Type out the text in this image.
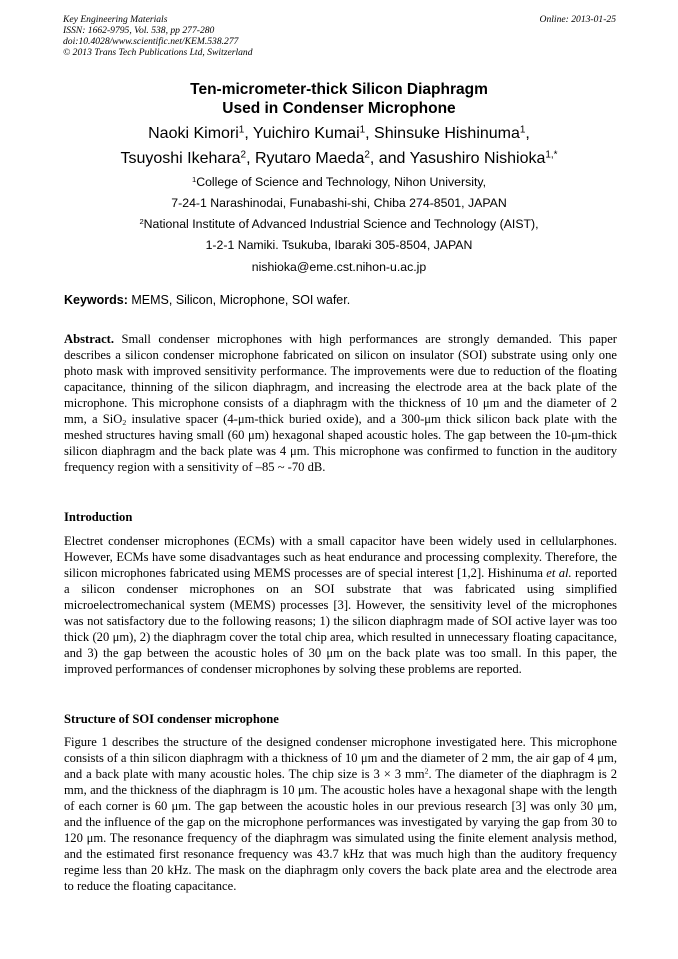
Key Engineering Materials
ISSN: 1662-9795, Vol. 538, pp 277-280
doi:10.4028/www.scientific.net/KEM.538.277
© 2013 Trans Tech Publications Ltd, Switzerland
Online: 2013-01-25
Ten-micrometer-thick Silicon Diaphragm
Used in Condenser Microphone
Naoki Kimori$^1$, Yuichiro Kumai$^1$, Shinsuke Hishinuma$^1$,
Tsuyoshi Ikehara$^2$, Ryutaro Maeda$^2$, and Yasushiro Nishioka$^{1,*}$
$^1$College of Science and Technology, Nihon University,
7-24-1 Narashinodai, Funabashi-shi, Chiba 274-8501, JAPAN
$^2$National Institute of Advanced Industrial Science and Technology (AIST),
1-2-1 Namiki. Tsukuba, Ibaraki 305-8504, JAPAN
nishioka@eme.cst.nihon-u.ac.jp
Keywords: MEMS, Silicon, Microphone, SOI wafer.
Abstract. Small condenser microphones with high performances are strongly demanded. This paper describes a silicon condenser microphone fabricated on silicon on insulator (SOI) substrate using only one photo mask with improved sensitivity performance. The improvements were due to reduction of the floating capacitance, thinning of the silicon diaphragm, and increasing the electrode area at the back plate of the microphone. This microphone consists of a diaphragm with the thickness of 10 μm and the diameter of 2 mm, a SiO$_2$ insulative spacer (4-μm-thick buried oxide), and a 300-μm thick silicon back plate with the meshed structures having small (60 μm) hexagonal shaped acoustic holes. The gap between the 10-μm-thick silicon diaphragm and the back plate was 4 μm. This microphone was confirmed to function in the auditory frequency region with a sensitivity of –85 ~ -70 dB.
Introduction
Electret condenser microphones (ECMs) with a small capacitor have been widely used in cellularphones. However, ECMs have some disadvantages such as heat endurance and processing complexity. Therefore, the silicon microphones fabricated using MEMS processes are of special interest [1,2]. Hishinuma et al. reported a silicon condenser microphones on an SOI substrate that was fabricated using simplified microelectromechanical system (MEMS) processes [3]. However, the sensitivity level of the microphones was not satisfactory due to the following reasons; 1) the silicon diaphragm made of SOI active layer was too thick (20 μm), 2) the diaphragm cover the total chip area, which resulted in unnecessary floating capacitance, and 3) the gap between the acoustic holes of 30 μm on the back plate was too small. In this paper, the improved performances of condenser microphones by solving these problems are reported.
Structure of SOI condenser microphone
Figure 1 describes the structure of the designed condenser microphone investigated here. This microphone consists of a thin silicon diaphragm with a thickness of 10 μm and the diameter of 2 mm, the air gap of 4 μm, and a back plate with many acoustic holes. The chip size is 3 × 3 $mm^2$. The diameter of the diaphragm is 2 mm, and the thickness of the diaphragm is 10 μm. The acoustic holes have a hexagonal shape with the length of each corner is 60 μm. The gap between the acoustic holes in our previous research [3] was only 30 μm, and the influence of the gap on the microphone performances was investigated by varying the gap from 30 to 120 μm. The resonance frequency of the diaphragm was simulated using the finite element analysis method, and the estimated first resonance frequency was 43.7 kHz that was much high than the auditory frequency regime less than 20 kHz. The mask on the diaphragm only covers the back plate area and the electrode area to reduce the floating capacitance.
